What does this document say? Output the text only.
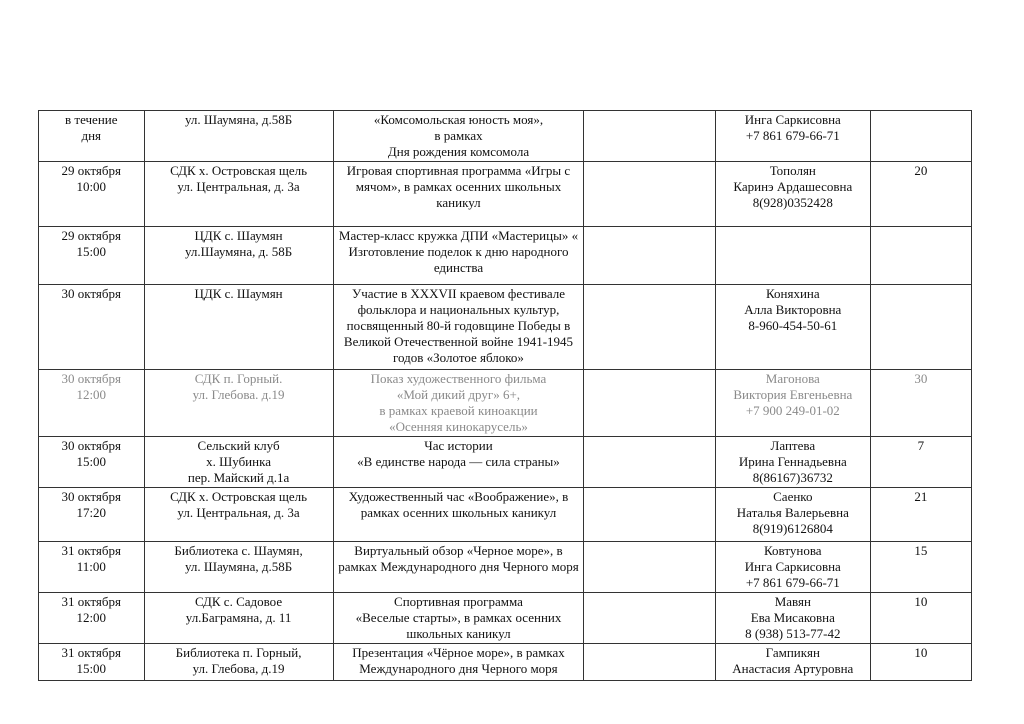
в течение
дня	ул. Шаумяна, д.58Б	«Комсомольская юность моя»,
в рамках
Дня рождения комсомола		Инга Саркисовна
+7 861 679-66-71	
29 октября
10:00	СДК х. Островская щель
ул. Центральная, д. 3а	Игровая спортивная программа «Игры с мячом», в рамках осенних школьных каникул		Тополян
Каринэ Ардашесовна
8(928)0352428	20
29 октября
15:00	ЦДК с. Шаумян
ул.Шаумяна, д. 58Б	Мастер-класс кружка ДПИ «Мастерицы» « Изготовление поделок к дню народного единства			
30 октября	ЦДК с. Шаумян	Участие в XXXVII краевом фестивале фольклора и национальных культур, посвященный 80-й годовщине Победы в Великой Отечественной войне 1941-1945 годов «Золотое яблоко»		Коняхина
Алла Викторовна
8-960-454-50-61	
30 октября
12:00	СДК п. Горный.
ул. Глебова. д.19	Показ художественного фильма
«Мой дикий друг» 6+,
в рамках краевой киноакции
«Осенняя кинокарусель»		Магонова
Виктория Евгеньевна
+7 900 249-01-02	30
30 октября
15:00	Сельский клуб
х. Шубинка
пер. Майский д.1а	Час истории
«В единстве народа — сила страны»		Лаптева
Ирина Геннадьевна
8(86167)36732	7
30 октября
17:20	СДК х. Островская щель
ул. Центральная, д. 3а	Художественный час «Воображение», в рамках осенних школьных каникул		Саенко
Наталья Валерьевна
8(919)6126804	21
31 октября
11:00	Библиотека с. Шаумян,
ул. Шаумяна, д.58Б	Виртуальный обзор «Черное море», в рамках Международного дня Черного моря		Ковтунова
Инга Саркисовна
+7 861 679-66-71	15
31 октября
12:00	СДК с. Садовое
ул.Баграмяна, д. 11	Спортивная программа
«Веселые старты», в рамках осенних школьных каникул		Мавян
Ева Мисаковна
8 (938) 513-77-42	10
31 октября
15:00	Библиотека п. Горный,
ул. Глебова, д.19	Презентация «Чёрное море», в рамках Международного дня Черного моря		Гампикян
Анастасия Артуровна	10
